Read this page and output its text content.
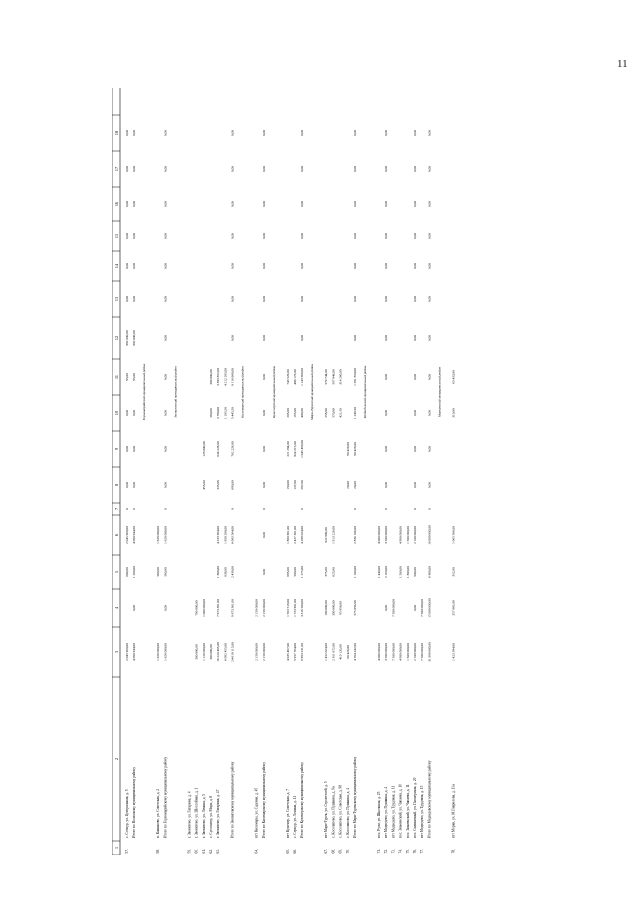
11
1
2
3
4
5
6
7
8
9
10
11
12
13
14
15
16
17
18
57.
с. Сотнур, ул. Центральная, д. 5
2 045 960,00
600,00
2 045 960,00
0
0,00
0,00
0,00
85,00
882 000,00
0,00
0,00
0,00
0,00
0,00
0,00
Итого по Волжскому муниципальному району
4 090 944,00
0,00
1 200,00
4 090 944,00
0
0,00
0,00
0,00
85,00
882 000,00
0,00
0,00
0,00
0,00
0,00
0,00
Горномарийский муниципальный район
58.
п. Кашаново, ул. Советская, д. 2
1 628 000,00
560,00
1 628 000,00
Итого по Горномарийскому муниципальному району
1 628 000,00
0,00
560,00
1 628 000,00
0
0,00
0,00
0,00
0,00
0,00
0,00
0,00
0,00
0,00
0,00
0,00
Звениговский муниципальный район
59.
г. Звенигово, ул. Гагарина, д. 4
60.
г. Звенигово, ул. Шоссейная, д. 1
300 000,00
700 000,00
61.
г. Звенигово, ул. Ленина, д. 5
1 120 000,00
1 000 000,00
455,00
128 000,00
62.
с. Суслонгер, ул. Мира, д. 8
300 000,00
560,00
300 000,00
63.
г. Звенигово, ул. Гагарина, д. 47
16 224 465,00
7 973 361,00
1 800,00
4 233 364,00
335,00
634 228,00
3 780,00
3 383 852,00
6 092 455,00
638,00
1 850 200,00
1 105,50
4 212 205,00
Итого по Звениговскому муниципальному району
24 618 115,00
9 673 361,00
2 438,00
6 083 564,00
0
690,00
762 228,00
5 445,50
8 116 068,00
0,00
0,00
0,00
0,00
0,00
0,00
0,00
Килемарский муниципальный район
64.
пгт Килемары, ул. Садовая, д. 45
2 150 000,00
2 150 000,00
Итого по Килемарскому муниципальному району
2 150 000,00
2 150 000,00
0,00
0,00
0
0,00
0,00
0,00
0,00
0,00
0,00
0,00
0,00
0,00
0,00
0,00
Куженерский муниципальный район
65.
пгт Куженер, ул. Советская, д. 7
4 035 467,00
1 593 519,00
685,00
1 860 661,00
150,00
221 284,00
205,00
743 526,00
66.
с. Сернур, ул. Ленина, д. 11
5 957 764,00
1 723 981,00
590,00
2 427 361,00
137,00
824 215,00
195,00
400 173,00
Итого по Куженерскому муниципальному району
9 993 231,00
3 316 500,00
1 275,00
4 288 024,00
0
287,00
1 045 499,00
400,00
1 143 699,00
0,00
0,00
0,00
0,00
0,00
0,00
0,00
Мари-Турекский муниципальный район
67.
пгт Мари-Турек, ул. Строителей, д. 5
1 452 024,00
180 000,00
375,00
922 880,00
258,00
579 744,00
68.
с. Косолапово, ул. Пушкина, д. 9а
2 811 072,00
300 000,00
625,00
1 913 226,00
570,00
597 846,00
69.
с. Косолапово, ул. Советская, д. 98
410 120,00
95 856,00
421,50
314 260,00
70.
с. Косолапово, ул. Пушкина, д. 4
90 426,00
20,00
90 426,00
Итого по Мари-Турекскому муниципальному району
4 764 242,00
575 856,00
1 100,00
2 836 106,00
0
20,00
90 426,00
1 249,50
1 291 850,00
0,00
0,00
0,00
0,00
0,00
0,00
0,00
Медведевский муниципальный район
71.
пос. Руэм, ул. Школьная, д. 25
4 000 000,00
1 440,00
4 000 000,00
72.
пгт Медведево, ул. Пушкина, д. 4
3 500 000,00
0,00
2 160,00
3 500 000,00
0
0,00
0,00
0,00
0,00
0,00
0,00
0,00
0,00
0,00
0,00
0,00
73.
пгт Медведево, ул. Трудовая, д. 11
7 500 000,00
7 500 000,00
74.
пос. Знаменский, ул. Чапаева, д. 10
4 900 000,00
1 500,00
4 900 000,00
75.
пос. Знаменский, ул. Чапаева, д. 11
1 500 000,00
1 800,00
1 500 000,00
76.
пос. Силикатный, ул. Пионерская, д. 20
2 100 000,00
0,00
900,00
2 100 000,00
0
0,00
0,00
0,00
0,00
0,00
0,00
0,00
0,00
0,00
0,00
0,00
77.
пгт Медведево, ул. Трудовая, д. 15
7 500 000,00
7 500 000,00
Итого по Медведевскому муниципальному району
31 000 000,00
15 000 000,00
6 800,00
16 000 000,00
0
0,00
0,00
0,00
0,00
0,00
0,00
0,00
0,00
0,00
0,00
0,00
Моркинский муниципальный район
78.
пгт Морки, ул. М.Гаврилова, д. 13а
1 423 384,00
357 865,00
352,00
1 065 566,00
310,00
63 433,00
